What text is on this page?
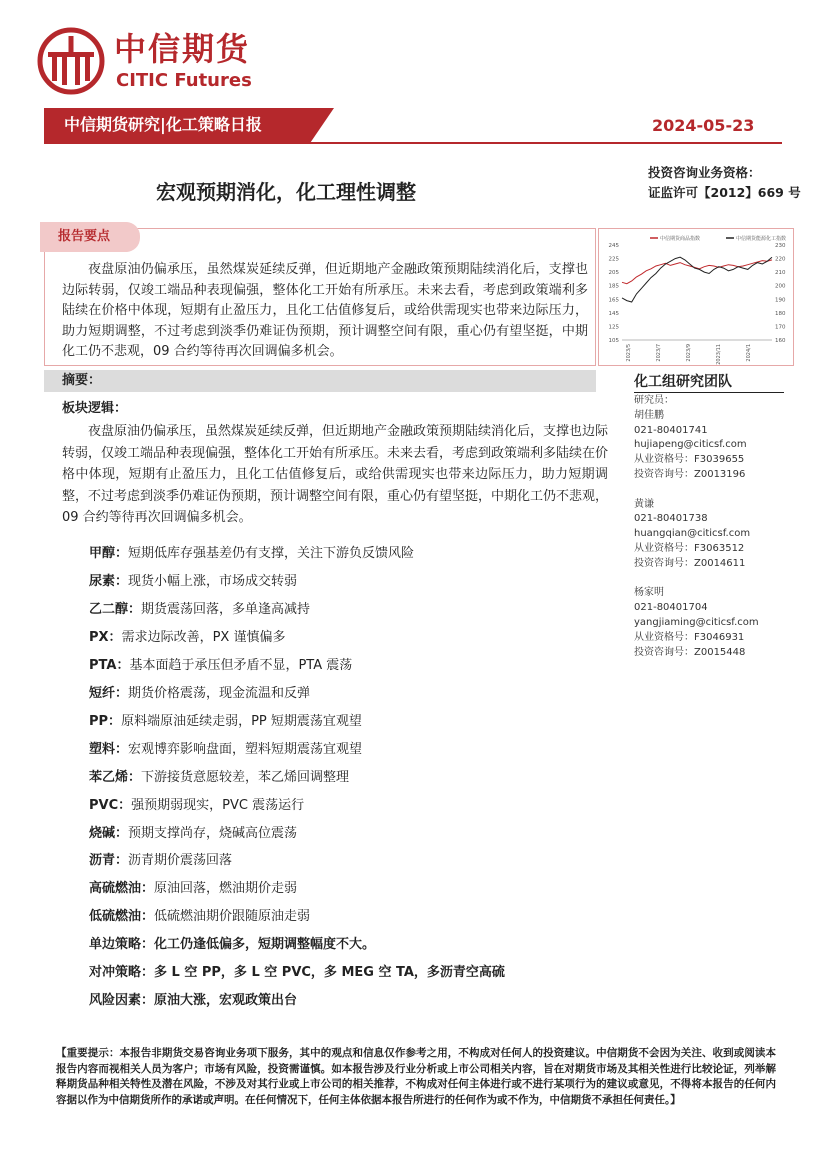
中信期货
CITIC Futures
中信期货研究|化工策略日报	2024-05-23
投资咨询业务资格：
证监许可【2012】669 号
宏观预期消化，化工理性调整
报告要点
夜盘原油仍偏承压，虽然煤炭延续反弹，但近期地产金融政策预期陆续消化后，支撑也边际转弱，仅竣工端品种表现偏强，整体化工开始有所承压。未来去看，考虑到政策端利多陆续在价格中体现，短期有止盈压力，且化工估值修复后，或给供需现实也带来边际压力，助力短期调整，不过考虑到淡季仍难证伪预期，预计调整空间有限，重心仍有望坚挺，中期化工仍不悲观，09 合约等待再次回调偏多机会。
中信期货商品指数	中信期货能源化工指数
245
225
205
185
165
145
125
105
230
220
210
200
190
180
170
160
2023/5	2023/7	2023/9	2023/11	2024/1
摘要：
板块逻辑：
夜盘原油仍偏承压，虽然煤炭延续反弹，但近期地产金融政策预期陆续消化后，支撑也边际转弱，仅竣工端品种表现偏强，整体化工开始有所承压。未来去看，考虑到政策端利多陆续在价格中体现，短期有止盈压力，且化工估值修复后，或给供需现实也带来边际压力，助力短期调整，不过考虑到淡季仍难证伪预期，预计调整空间有限，重心仍有望坚挺，中期化工仍不悲观，09 合约等待再次回调偏多机会。
甲醇：短期低库存强基差仍有支撑，关注下游负反馈风险
尿素：现货小幅上涨，市场成交转弱
乙二醇：期货震荡回落，多单逢高减持
PX：需求边际改善，PX 谨慎偏多
PTA：基本面趋于承压但矛盾不显，PTA 震荡
短纤：期货价格震荡，现金流温和反弹
PP：原料端原油延续走弱，PP 短期震荡宜观望
塑料：宏观博弈影响盘面，塑料短期震荡宜观望
苯乙烯：下游接货意愿较差，苯乙烯回调整理
PVC：强预期弱现实，PVC 震荡运行
烧碱：预期支撑尚存，烧碱高位震荡
沥青：沥青期价震荡回落
高硫燃油：原油回落，燃油期价走弱
低硫燃油：低硫燃油期价跟随原油走弱
单边策略：化工仍逢低偏多，短期调整幅度不大。
对冲策略：多 L 空 PP，多 L 空 PVC，多 MEG 空 TA，多沥青空高硫
风险因素：原油大涨，宏观政策出台
化工组研究团队
研究员：
胡佳鹏
021-80401741
hujiapeng@citicsf.com
从业资格号：F3039655
投资咨询号：Z0013196
黄谦
021-80401738
huangqian@citicsf.com
从业资格号：F3063512
投资咨询号：Z0014611
杨家明
021-80401704
yangjiaming@citicsf.com
从业资格号：F3046931
投资咨询号：Z0015448
【重要提示：本报告非期货交易咨询业务项下服务，其中的观点和信息仅作参考之用，不构成对任何人的投资建议。中信期货不会因为关注、收到或阅读本报告内容而视相关人员为客户；市场有风险，投资需谨慎。如本报告涉及行业分析或上市公司相关内容，旨在对期货市场及其相关性进行比较论证，列举解释期货品种相关特性及潜在风险，不涉及对其行业或上市公司的相关推荐，不构成对任何主体进行或不进行某项行为的建议或意见，不得将本报告的任何内容据以作为中信期货所作的承诺或声明。在任何情况下，任何主体依据本报告所进行的任何作为或不作为，中信期货不承担任何责任。】
